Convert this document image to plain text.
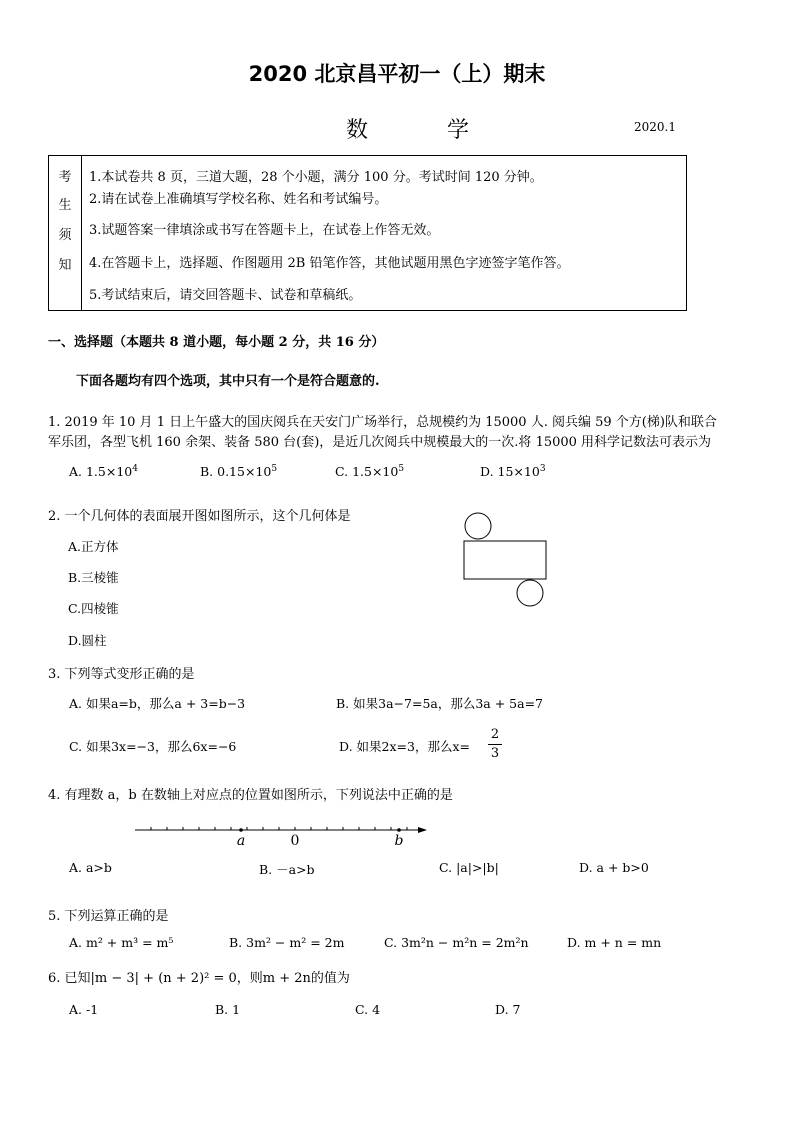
2020 北京昌平初一（上）期末
数 学	2020.1
考
生
须
知
1.本试卷共 8 页，三道大题，28 个小题，满分 100 分。考试时间 120 分钟。
2.请在试卷上准确填写学校名称、姓名和考试编号。
3.试题答案一律填涂或书写在答题卡上，在试卷上作答无效。
4.在答题卡上，选择题、作图题用 2B 铅笔作答，其他试题用黑色字迹签字笔作答。
5.考试结束后，请交回答题卡、试卷和草稿纸。
一、选择题（本题共 8 道小题，每小题 2 分，共 16 分）
下面各题均有四个选项，其中只有一个是符合题意的.
1. 2019 年 10 月 1 日上午盛大的国庆阅兵在天安门广场举行，总规模约为 15000 人. 阅兵编 59 个方(梯)队和联合
军乐团，各型飞机 160 余架、装备 580 台(套)，是近几次阅兵中规模最大的一次.将 15000 用科学记数法可表示为
A. $1.5\times 10^4$	B. $0.15\times 10^5$	C. $1.5\times 10^5$	D. $15\times 10^3$
2. 一个几何体的表面展开图如图所示，这个几何体是
A.正方体
B.三棱锥
C.四棱锥
D.圆柱
3. 下列等式变形正确的是
A. 如果a=b，那么a + 3=b−3	B. 如果3a−7=5a，那么3a + 5a=7
C. 如果3x=−3，那么6x=−6	D. 如果2x=3，那么x=
2
3
4. 有理数 a，b 在数轴上对应点的位置如图所示，下列说法中正确的是
a	0	b
A. a>b	B. －a>b	C. |a|>|b|	D. a + b>0
5. 下列运算正确的是
A. m² + m³ = m⁵	B. 3m² − m² = 2m	C. 3m²n − m²n = 2m²n	D. m + n = mn
6. 已知|m − 3| + (n + 2)² = 0，则m + 2n的值为
A. -1	B. 1	C. 4	D. 7
